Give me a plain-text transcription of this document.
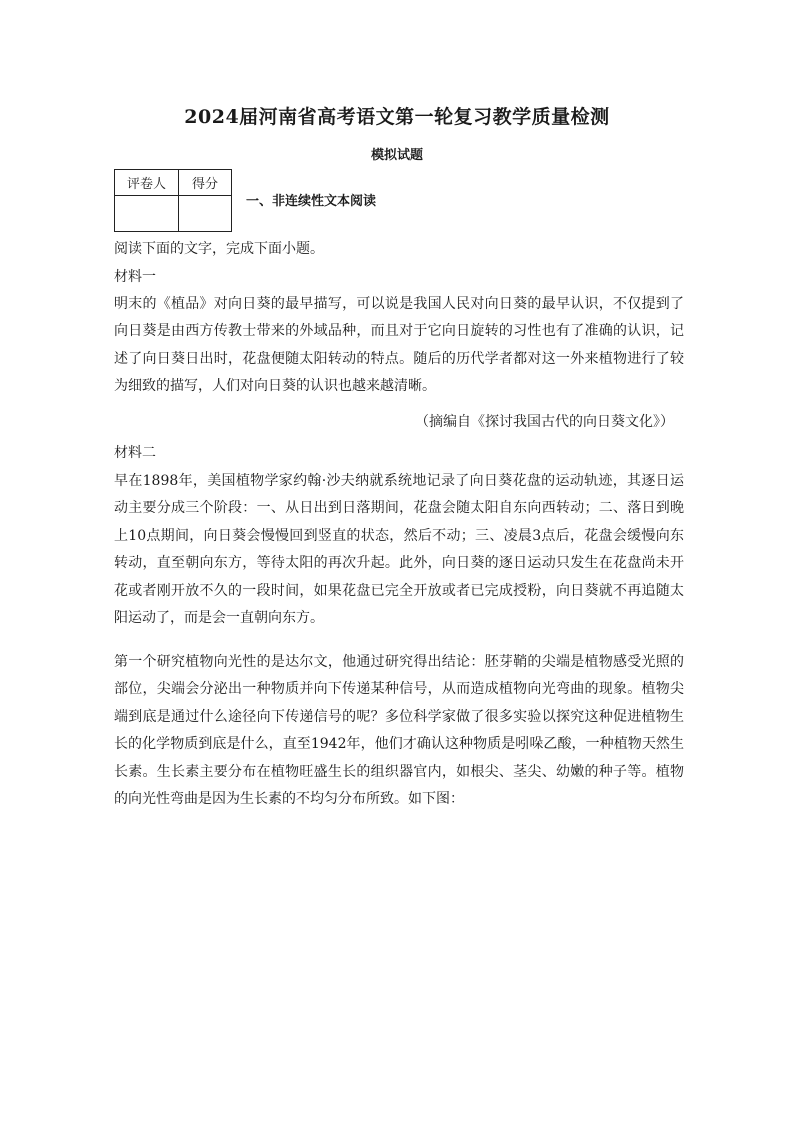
2024届河南省高考语文第一轮复习教学质量检测
模拟试题
评卷人	得分

一、非连续性文本阅读
阅读下面的文字，完成下面小题。
材料一

明末的《植品》对向日葵的最早描写，可以说是我国人民对向日葵的最早认识，不仅提到了向日葵是由西方传教士带来的外域品种，而且对于它向日旋转的习性也有了准确的认识，记述了向日葵日出时，花盘便随太阳转动的特点。随后的历代学者都对这一外来植物进行了较为细致的描写，人们对向日葵的认识也越来越清晰。

（摘编自《探讨我国古代的向日葵文化》）
材料二

早在1898年，美国植物学家约翰·沙夫纳就系统地记录了向日葵花盘的运动轨迹，其逐日运动主要分成三个阶段：一、从日出到日落期间，花盘会随太阳自东向西转动；二、落日到晚上10点期间，向日葵会慢慢回到竖直的状态，然后不动；三、凌晨3点后，花盘会缓慢向东转动，直至朝向东方，等待太阳的再次升起。此外，向日葵的逐日运动只发生在花盘尚未开花或者刚开放不久的一段时间，如果花盘已完全开放或者已完成授粉，向日葵就不再追随太阳运动了，而是会一直朝向东方。

第一个研究植物向光性的是达尔文，他通过研究得出结论：胚芽鞘的尖端是植物感受光照的部位，尖端会分泌出一种物质并向下传递某种信号，从而造成植物向光弯曲的现象。植物尖端到底是通过什么途径向下传递信号的呢？多位科学家做了很多实验以探究这种促进植物生长的化学物质到底是什么，直至1942年，他们才确认这种物质是吲哚乙酸，一种植物天然生长素。生长素主要分布在植物旺盛生长的组织器官内，如根尖、茎尖、幼嫩的种子等。植物的向光性弯曲是因为生长素的不均匀分布所致。如下图：
